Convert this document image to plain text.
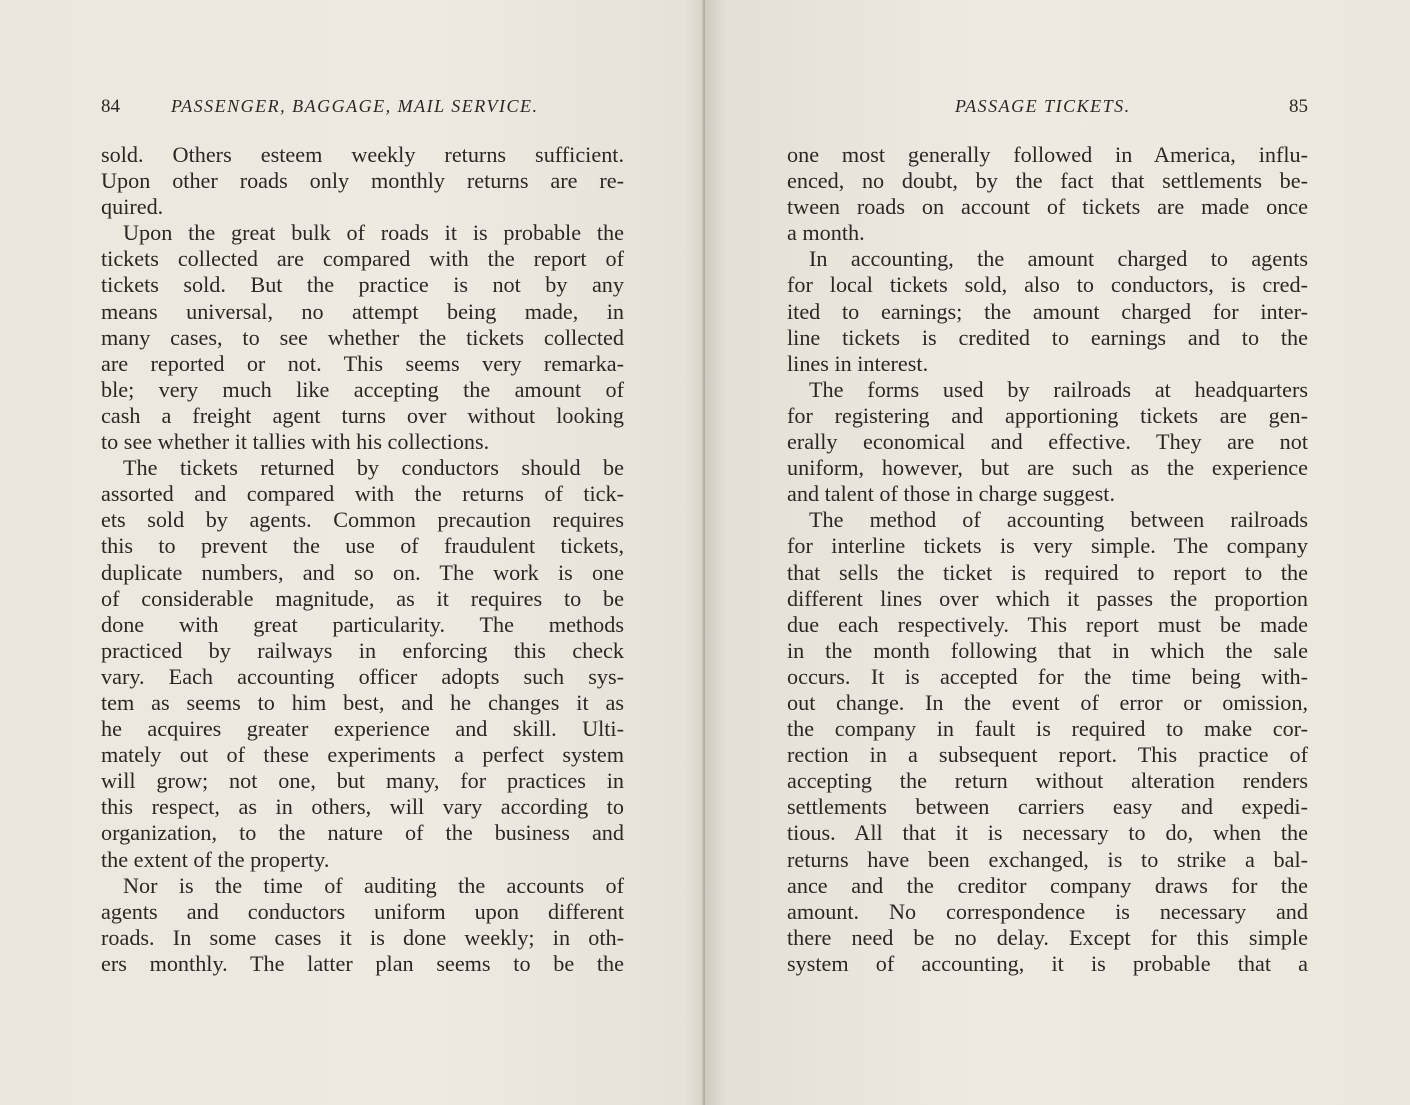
84	PASSENGER, BAGGAGE, MAIL SERVICE.
sold. Others esteem weekly returns sufficient.
Upon other roads only monthly returns are re-
quired.
Upon the great bulk of roads it is probable the
tickets collected are compared with the report of
tickets sold. But the practice is not by any
means universal, no attempt being made, in
many cases, to see whether the tickets collected
are reported or not. This seems very remarka-
ble; very much like accepting the amount of
cash a freight agent turns over without looking
to see whether it tallies with his collections.
The tickets returned by conductors should be
assorted and compared with the returns of tick-
ets sold by agents. Common precaution requires
this to prevent the use of fraudulent tickets,
duplicate numbers, and so on. The work is one
of considerable magnitude, as it requires to be
done with great particularity. The methods
practiced by railways in enforcing this check
vary. Each accounting officer adopts such sys-
tem as seems to him best, and he changes it as
he acquires greater experience and skill. Ulti-
mately out of these experiments a perfect system
will grow; not one, but many, for practices in
this respect, as in others, will vary according to
organization, to the nature of the business and
the extent of the property.
Nor is the time of auditing the accounts of
agents and conductors uniform upon different
roads. In some cases it is done weekly; in oth-
ers monthly. The latter plan seems to be the
PASSAGE TICKETS.	85
one most generally followed in America, influ-
enced, no doubt, by the fact that settlements be-
tween roads on account of tickets are made once
a month.
In accounting, the amount charged to agents
for local tickets sold, also to conductors, is cred-
ited to earnings; the amount charged for inter-
line tickets is credited to earnings and to the
lines in interest.
The forms used by railroads at headquarters
for registering and apportioning tickets are gen-
erally economical and effective. They are not
uniform, however, but are such as the experience
and talent of those in charge suggest.
The method of accounting between railroads
for interline tickets is very simple. The company
that sells the ticket is required to report to the
different lines over which it passes the proportion
due each respectively. This report must be made
in the month following that in which the sale
occurs. It is accepted for the time being with-
out change. In the event of error or omission,
the company in fault is required to make cor-
rection in a subsequent report. This practice of
accepting the return without alteration renders
settlements between carriers easy and expedi-
tious. All that it is necessary to do, when the
returns have been exchanged, is to strike a bal-
ance and the creditor company draws for the
amount. No correspondence is necessary and
there need be no delay. Except for this simple
system of accounting, it is probable that a
